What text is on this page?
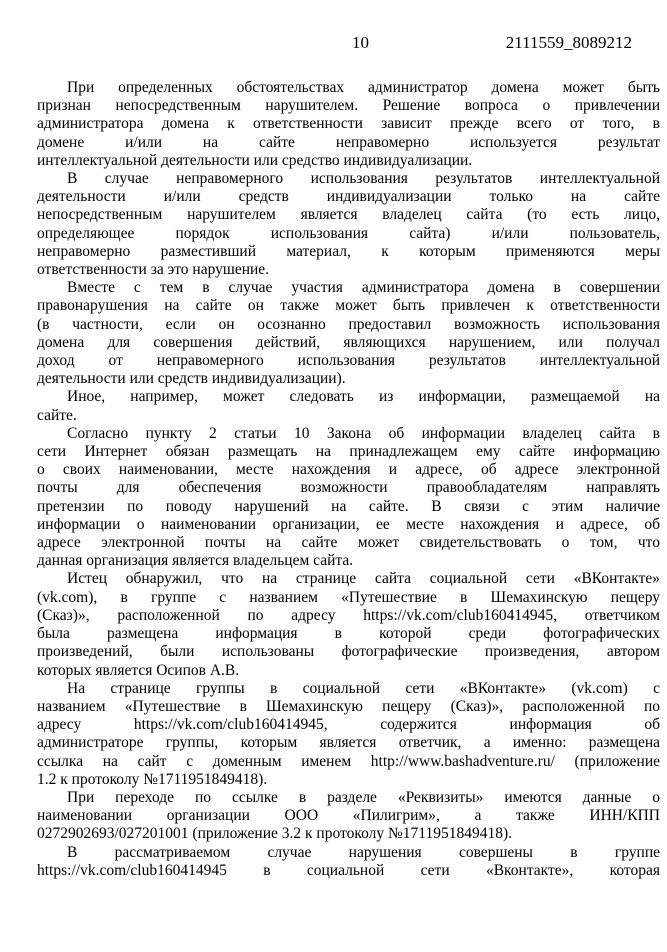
10	2111559_8089212
При определенных обстоятельствах администратор домена может быть
признан непосредственным нарушителем. Решение вопроса о привлечении
администратора домена к ответственности зависит прежде всего от того, в
домене и/или на сайте неправомерно используется результат
интеллектуальной деятельности или средство индивидуализации.
В случае неправомерного использования результатов интеллектуальной
деятельности и/или средств индивидуализации только на сайте
непосредственным нарушителем является владелец сайта (то есть лицо,
определяющее порядок использования сайта) и/или пользователь,
неправомерно разместивший материал, к которым применяются меры
ответственности за это нарушение.
Вместе с тем в случае участия администратора домена в совершении
правонарушения на сайте он также может быть привлечен к ответственности
(в частности, если он осознанно предоставил возможность использования
домена для совершения действий, являющихся нарушением, или получал
доход от неправомерного использования результатов интеллектуальной
деятельности или средств индивидуализации).
Иное, например, может следовать из информации, размещаемой на
сайте.
Согласно пункту 2 статьи 10 Закона об информации владелец сайта в
сети Интернет обязан размещать на принадлежащем ему сайте информацию
о своих наименовании, месте нахождения и адресе, об адресе электронной
почты для обеспечения возможности правообладателям направлять
претензии по поводу нарушений на сайте. В связи с этим наличие
информации о наименовании организации, ее месте нахождения и адресе, об
адресе электронной почты на сайте может свидетельствовать о том, что
данная организация является владельцем сайта.
Истец обнаружил, что на странице сайта социальной сети «ВКонтакте»
(vk.com), в группе с названием «Путешествие в Шемахинскую пещеру
(Сказ)», расположенной по адресу https://vk.com/club160414945, ответчиком
была размещена информация в которой среди фотографических
произведений, были использованы фотографические произведения, автором
которых является Осипов А.В.
На странице группы в социальной сети «ВКонтакте» (vk.com) с
названием «Путешествие в Шемахинскую пещеру (Сказ)», расположенной по
адресу https://vk.com/club160414945, содержится информация об
администраторе группы, которым является ответчик, а именно: размещена
ссылка на сайт с доменным именем http://www.bashadventure.ru/ (приложение
1.2 к протоколу №1711951849418).
При переходе по ссылке в разделе «Реквизиты» имеются данные о
наименовании организации ООО «Пилигрим», а также ИНН/КПП
0272902693/027201001 (приложение 3.2 к протоколу №1711951849418).
В рассматриваемом случае нарушения совершены в группе
https://vk.com/club160414945 в социальной сети «Вконтакте», которая
